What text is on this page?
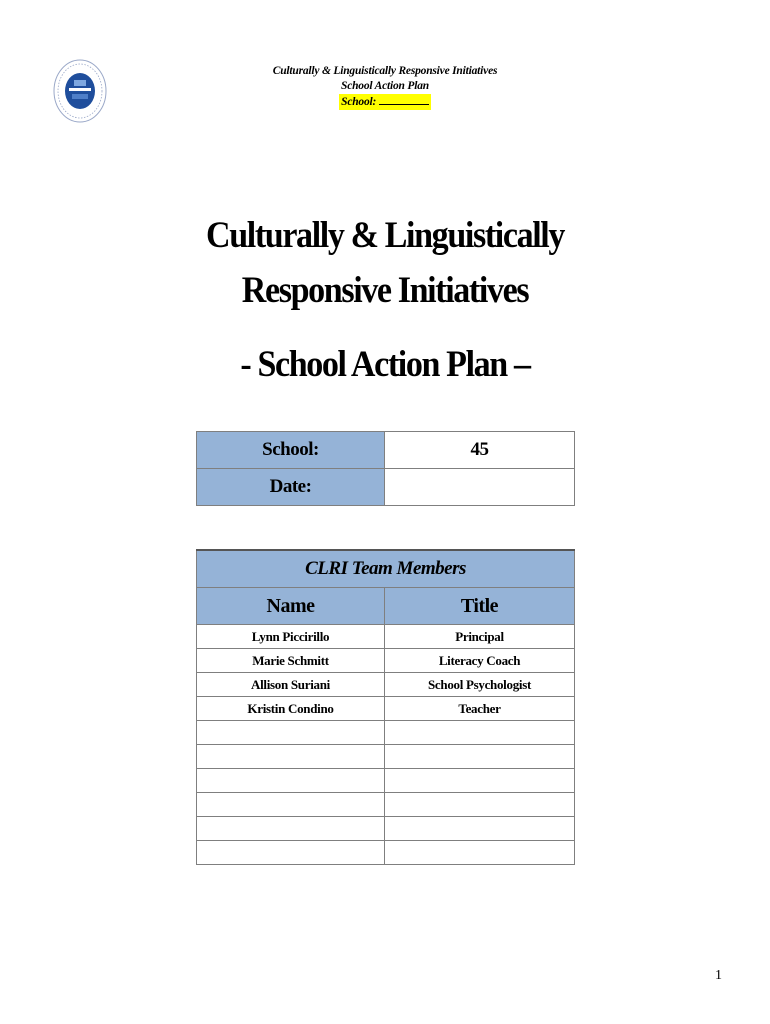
Culturally & Linguistically Responsive Initiatives
School Action Plan
School:
Culturally & Linguistically
Responsive Initiatives
- School Action Plan –
School:	45
Date:	
CLRI Team Members	
Name	Title
Lynn Piccirillo	Principal
Marie Schmitt	Literacy Coach
Allison Suriani	School Psychologist
Kristin Condino	Teacher

1
